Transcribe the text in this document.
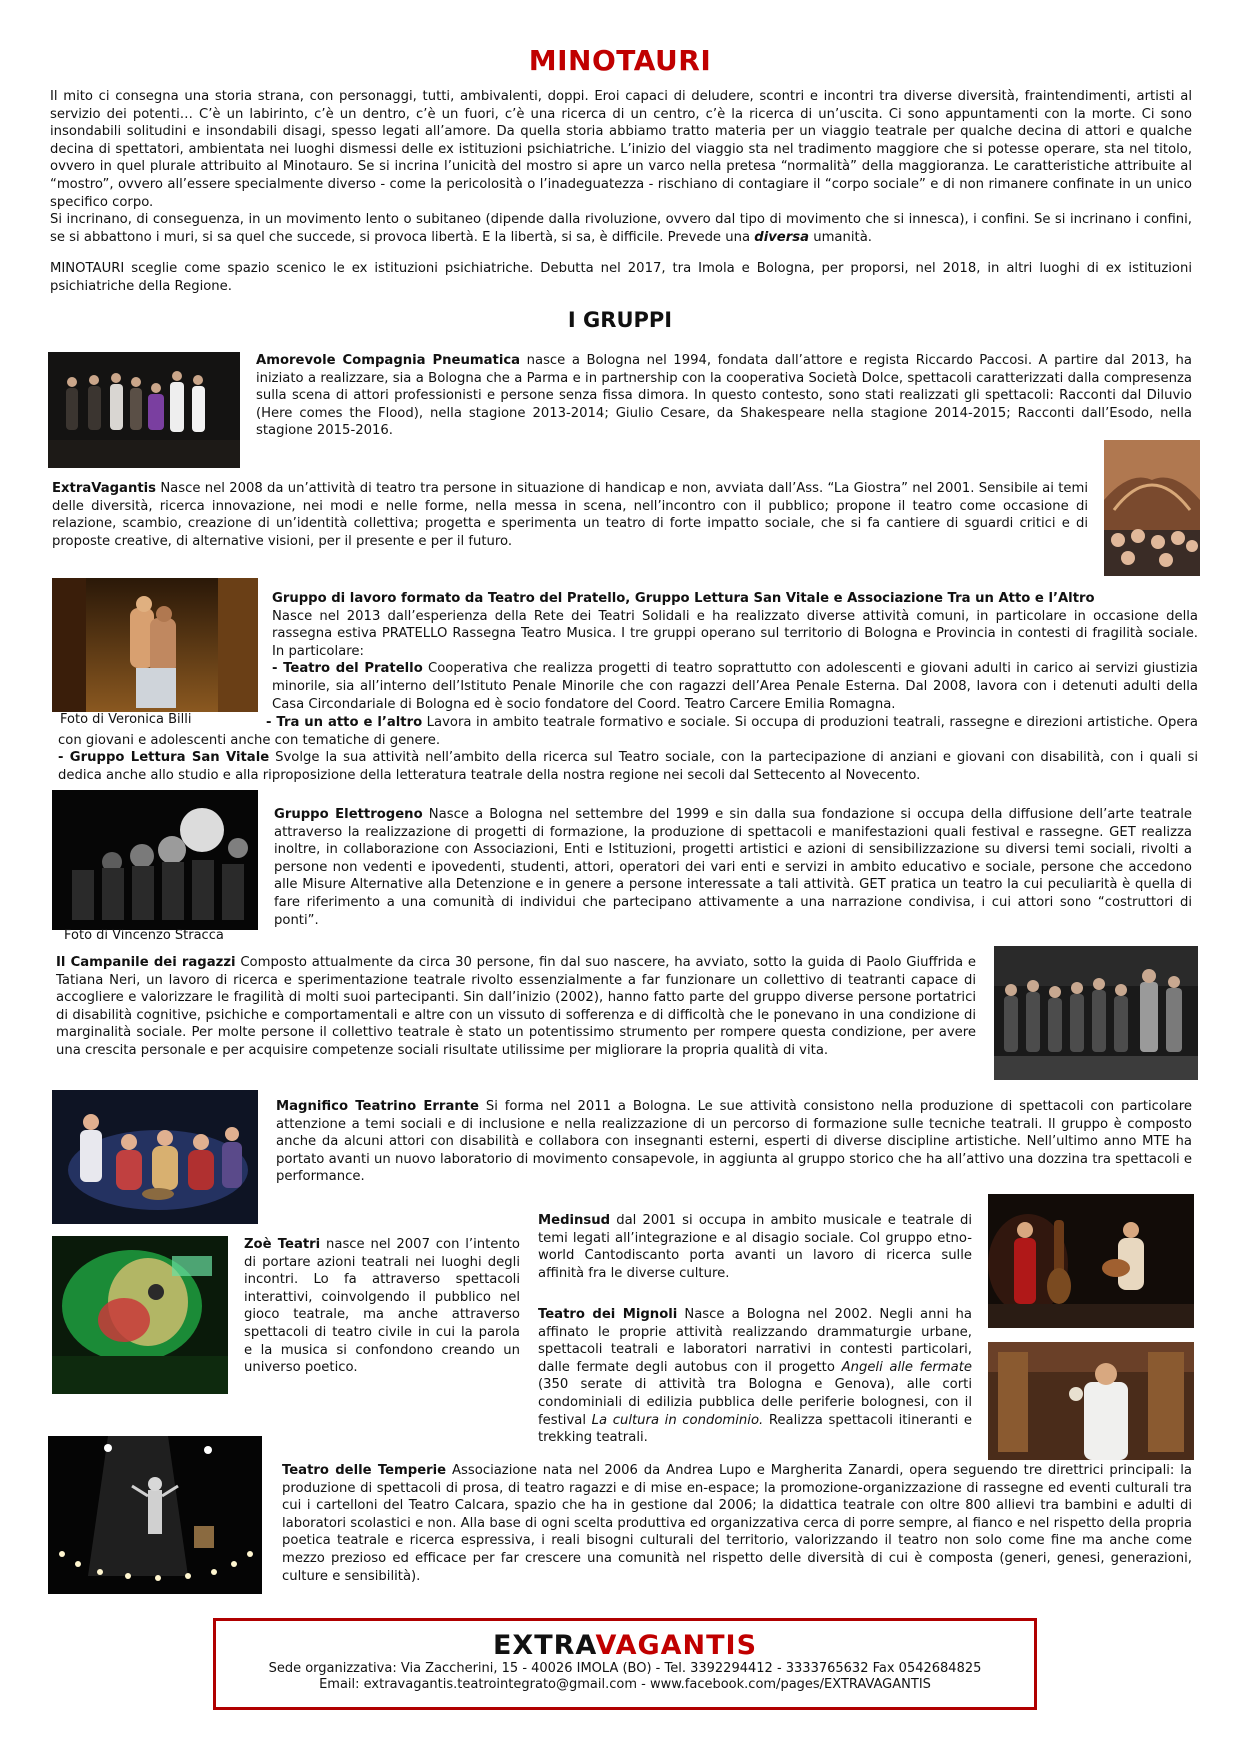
MINOTAURI

Il mito ci consegna una storia strana, con personaggi, tutti, ambivalenti, doppi. Eroi capaci di deludere, scontri e incontri tra diverse diversità, fraintendimenti, artisti al servizio dei potenti… C’è un labirinto, c’è un dentro, c’è un fuori, c’è una ricerca di un centro, c’è la ricerca di un’uscita. Ci sono appuntamenti con la morte. Ci sono insondabili solitudini e insondabili disagi, spesso legati all’amore. Da quella storia abbiamo tratto materia per un viaggio teatrale per qualche decina di attori e qualche decina di spettatori, ambientata nei luoghi dismessi delle ex istituzioni psichiatriche. L’inizio del viaggio sta nel tradimento maggiore che si potesse operare, sta nel titolo, ovvero in quel plurale attribuito al Minotauro. Se si incrina l’unicità del mostro si apre un varco nella pretesa “normalità” della maggioranza. Le caratteristiche attribuite al “mostro”, ovvero all’essere specialmente diverso - come la pericolosità o l’inadeguatezza - rischiano di contagiare il “corpo sociale” e di non rimanere confinate in un unico specifico corpo.

Si incrinano, di conseguenza, in un movimento lento o subitaneo (dipende dalla rivoluzione, ovvero dal tipo di movimento che si innesca), i confini. Se si incrinano i confini, se si abbattono i muri, si sa quel che succede, si provoca libertà. E la libertà, si sa, è difficile. Prevede una diversa umanità.

MINOTAURI sceglie come spazio scenico le ex istituzioni psichiatriche. Debutta nel 2017, tra Imola e Bologna, per proporsi, nel 2018, in altri luoghi di ex istituzioni psichiatriche della Regione.
I GRUPPI
Amorevole Compagnia Pneumatica nasce a Bologna nel 1994, fondata dall’attore e regista Riccardo Paccosi. A partire dal 2013, ha iniziato a realizzare, sia a Bologna che a Parma e in partnership con la cooperativa Società Dolce, spettacoli caratterizzati dalla compresenza sulla scena di attori professionisti e persone senza fissa dimora. In questo contesto, sono stati realizzati gli spettacoli: Racconti dal Diluvio (Here comes the Flood), nella stagione 2013-2014; Giulio Cesare, da Shakespeare nella stagione 2014-2015; Racconti dall’Esodo, nella stagione 2015-2016.
ExtraVagantis Nasce nel 2008 da un’attività di teatro tra persone in situazione di handicap e non, avviata dall’Ass. “La Giostra” nel 2001. Sensibile ai temi delle diversità, ricerca innovazione, nei modi e nelle forme, nella messa in scena, nell’incontro con il pubblico; propone il teatro come occasione di relazione, scambio, creazione di un’identità collettiva; progetta e sperimenta un teatro di forte impatto sociale, che si fa cantiere di sguardi critici e di proposte creative, di alternative visioni, per il presente e per il futuro.
Foto di Veronica Billi
Gruppo di lavoro formato da Teatro del Pratello, Gruppo Lettura San Vitale e Associazione Tra un Atto e l’Altro
Nasce nel 2013 dall’esperienza della Rete dei Teatri Solidali e ha realizzato diverse attività comuni, in particolare in occasione della rassegna estiva PRATELLO Rassegna Teatro Musica. I tre gruppi operano sul territorio di Bologna e Provincia in contesti di fragilità sociale. In particolare:
- Teatro del Pratello Cooperativa che realizza progetti di teatro soprattutto con adolescenti e giovani adulti in carico ai servizi giustizia minorile, sia all’interno dell’Istituto Penale Minorile che con ragazzi dell’Area Penale Esterna. Dal 2008, lavora con i detenuti adulti della Casa Circondariale di Bologna ed è socio fondatore del Coord. Teatro Carcere Emilia Romagna.
- Tra un atto e l’altro Lavora in ambito teatrale formativo e sociale. Si occupa di produzioni teatrali, rassegne e direzioni artistiche. Opera con giovani e adolescenti anche con tematiche di genere.
- Gruppo Lettura San Vitale Svolge la sua attività nell’ambito della ricerca sul Teatro sociale, con la partecipazione di anziani e giovani con disabilità, con i quali si dedica anche allo studio e alla riproposizione della letteratura teatrale della nostra regione nei secoli dal Settecento al Novecento.
Foto di Vincenzo Stracca
Gruppo Elettrogeno Nasce a Bologna nel settembre del 1999 e sin dalla sua fondazione si occupa della diffusione dell’arte teatrale attraverso la realizzazione di progetti di formazione, la produzione di spettacoli e manifestazioni quali festival e rassegne. GET realizza inoltre, in collaborazione con Associazioni, Enti e Istituzioni, progetti artistici e azioni di sensibilizzazione su diversi temi sociali, rivolti a persone non vedenti e ipovedenti, studenti, attori, operatori dei vari enti e servizi in ambito educativo e sociale, persone che accedono alle Misure Alternative alla Detenzione e in genere a persone interessate a tali attività. GET pratica un teatro la cui peculiarità è quella di fare riferimento a una comunità di individui che partecipano attivamente a una narrazione condivisa, i cui attori sono “costruttori di ponti”.
Il Campanile dei ragazzi Composto attualmente da circa 30 persone, fin dal suo nascere, ha avviato, sotto la guida di Paolo Giuffrida e Tatiana Neri, un lavoro di ricerca e sperimentazione teatrale rivolto essenzialmente a far funzionare un collettivo di teatranti capace di accogliere e valorizzare le fragilità di molti suoi partecipanti. Sin dall’inizio (2002), hanno fatto parte del gruppo diverse persone portatrici di disabilità cognitive, psichiche e comportamentali e altre con un vissuto di sofferenza e di difficoltà che le ponevano in una condizione di marginalità sociale. Per molte persone il collettivo teatrale è stato un potentissimo strumento per rompere questa condizione, per avere una crescita personale e per acquisire competenze sociali risultate utilissime per migliorare la propria qualità di vita.
Magnifico Teatrino Errante Si forma nel 2011 a Bologna. Le sue attività consistono nella produzione di spettacoli con particolare attenzione a temi sociali e di inclusione e nella realizzazione di un percorso di formazione sulle tecniche teatrali. Il gruppo è composto anche da alcuni attori con disabilità e collabora con insegnanti esterni, esperti di diverse discipline artistiche. Nell’ultimo anno MTE ha portato avanti un nuovo laboratorio di movimento consapevole, in aggiunta al gruppo storico che ha all’attivo una dozzina tra spettacoli e performance.
Medinsud dal 2001 si occupa in ambito musicale e teatrale di temi legati all’integrazione e al disagio sociale. Col gruppo etno-world Cantodiscanto porta avanti un lavoro di ricerca sulle affinità fra le diverse culture.
Zoè Teatri nasce nel 2007 con l’intento di portare azioni teatrali nei luoghi degli incontri. Lo fa attraverso spettacoli interattivi, coinvolgendo il pubblico nel gioco teatrale, ma anche attraverso spettacoli di teatro civile in cui la parola e la musica si confondono creando un universo poetico.
Teatro dei Mignoli Nasce a Bologna nel 2002. Negli anni ha affinato le proprie attività realizzando drammaturgie urbane, spettacoli teatrali e laboratori narrativi in contesti particolari, dalle fermate degli autobus con il progetto Angeli alle fermate (350 serate di attività tra Bologna e Genova), alle corti condominiali di edilizia pubblica delle periferie bolognesi, con il festival La cultura in condominio. Realizza spettacoli itineranti e trekking teatrali.
Teatro delle Temperie Associazione nata nel 2006 da Andrea Lupo e Margherita Zanardi, opera seguendo tre direttrici principali: la produzione di spettacoli di prosa, di teatro ragazzi e di mise en-espace; la promozione-organizzazione di rassegne ed eventi culturali tra cui i cartelloni del Teatro Calcara, spazio che ha in gestione dal 2006; la didattica teatrale con oltre 800 allievi tra bambini e adulti di laboratori scolastici e non. Alla base di ogni scelta produttiva ed organizzativa cerca di porre sempre, al fianco e nel rispetto della propria poetica teatrale e ricerca espressiva, i reali bisogni culturali del territorio, valorizzando il teatro non solo come fine ma anche come mezzo prezioso ed efficace per far crescere una comunità nel rispetto delle diversità di cui è composta (generi, genesi, generazioni, culture e sensibilità).
EXTRAVAGANTIS
Sede organizzativa: Via Zaccherini, 15 - 40026 IMOLA (BO) - Tel. 3392294412 - 3333765632 Fax 0542684825
Email: extravagantis.teatrointegrato@gmail.com - www.facebook.com/pages/EXTRAVAGANTIS
